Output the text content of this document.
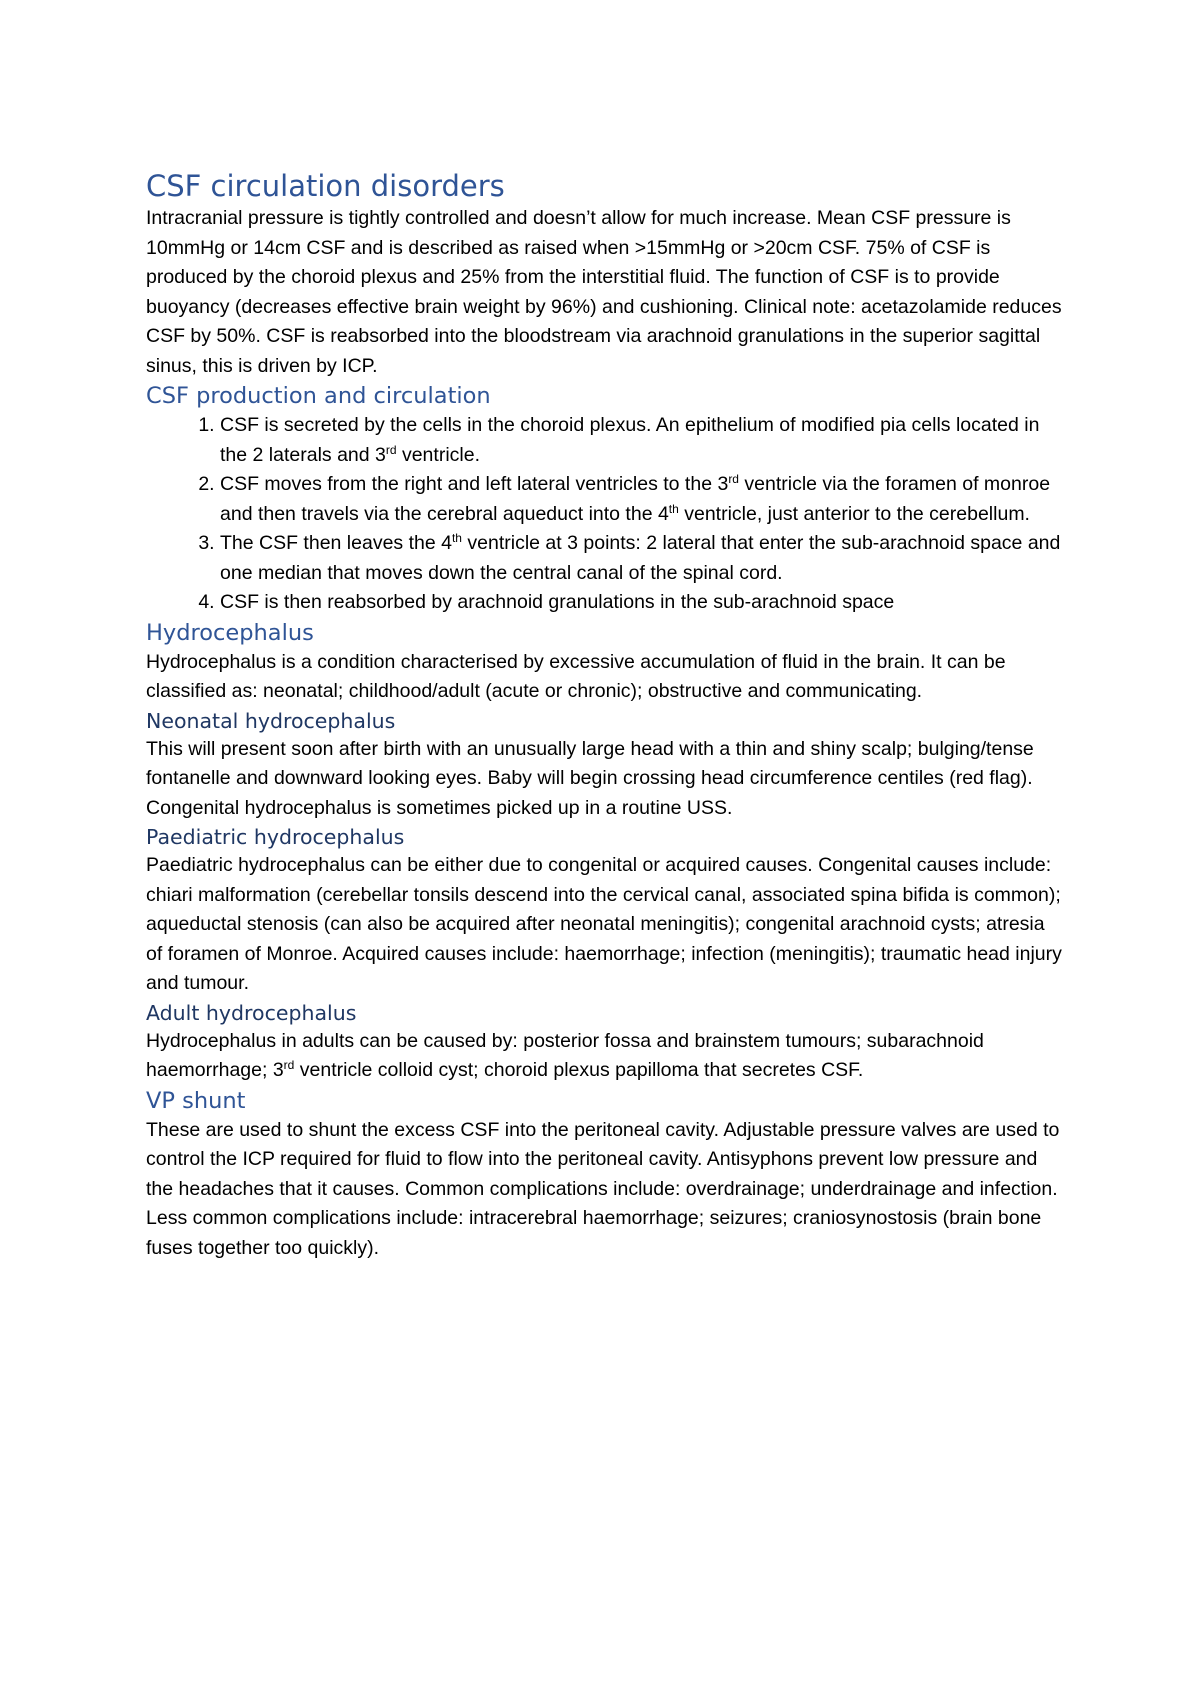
CSF circulation disorders

Intracranial pressure is tightly controlled and doesn’t allow for much increase. Mean CSF pressure is 10mmHg or 14cm CSF and is described as raised when >15mmHg or >20cm CSF. 75% of CSF is produced by the choroid plexus and 25% from the interstitial fluid. The function of CSF is to provide buoyancy (decreases effective brain weight by 96%) and cushioning. Clinical note: acetazolamide reduces CSF by 50%. CSF is reabsorbed into the bloodstream via arachnoid granulations in the superior sagittal sinus, this is driven by ICP.

CSF production and circulation
1. CSF is secreted by the cells in the choroid plexus. An epithelium of modified pia cells located in the 2 laterals and 3rd ventricle.
2. CSF moves from the right and left lateral ventricles to the 3rd ventricle via the foramen of monroe and then travels via the cerebral aqueduct into the 4th ventricle, just anterior to the cerebellum.
3. The CSF then leaves the 4th ventricle at 3 points: 2 lateral that enter the sub-arachnoid space and one median that moves down the central canal of the spinal cord.
4. CSF is then reabsorbed by arachnoid granulations in the sub-arachnoid space
Hydrocephalus

Hydrocephalus is a condition characterised by excessive accumulation of fluid in the brain. It can be classified as: neonatal; childhood/adult (acute or chronic); obstructive and communicating.

Neonatal hydrocephalus

This will present soon after birth with an unusually large head with a thin and shiny scalp; bulging/tense fontanelle and downward looking eyes. Baby will begin crossing head circumference centiles (red flag). Congenital hydrocephalus is sometimes picked up in a routine USS.

Paediatric hydrocephalus

Paediatric hydrocephalus can be either due to congenital or acquired causes. Congenital causes include: chiari malformation (cerebellar tonsils descend into the cervical canal, associated spina bifida is common); aqueductal stenosis (can also be acquired after neonatal meningitis); congenital arachnoid cysts; atresia of foramen of Monroe. Acquired causes include: haemorrhage; infection (meningitis); traumatic head injury and tumour.

Adult hydrocephalus

Hydrocephalus in adults can be caused by: posterior fossa and brainstem tumours; subarachnoid haemorrhage; 3rd ventricle colloid cyst; choroid plexus papilloma that secretes CSF.

VP shunt

These are used to shunt the excess CSF into the peritoneal cavity. Adjustable pressure valves are used to control the ICP required for fluid to flow into the peritoneal cavity. Antisyphons prevent low pressure and the headaches that it causes. Common complications include: overdrainage; underdrainage and infection. Less common complications include: intracerebral haemorrhage; seizures; craniosynostosis (brain bone fuses together too quickly).
